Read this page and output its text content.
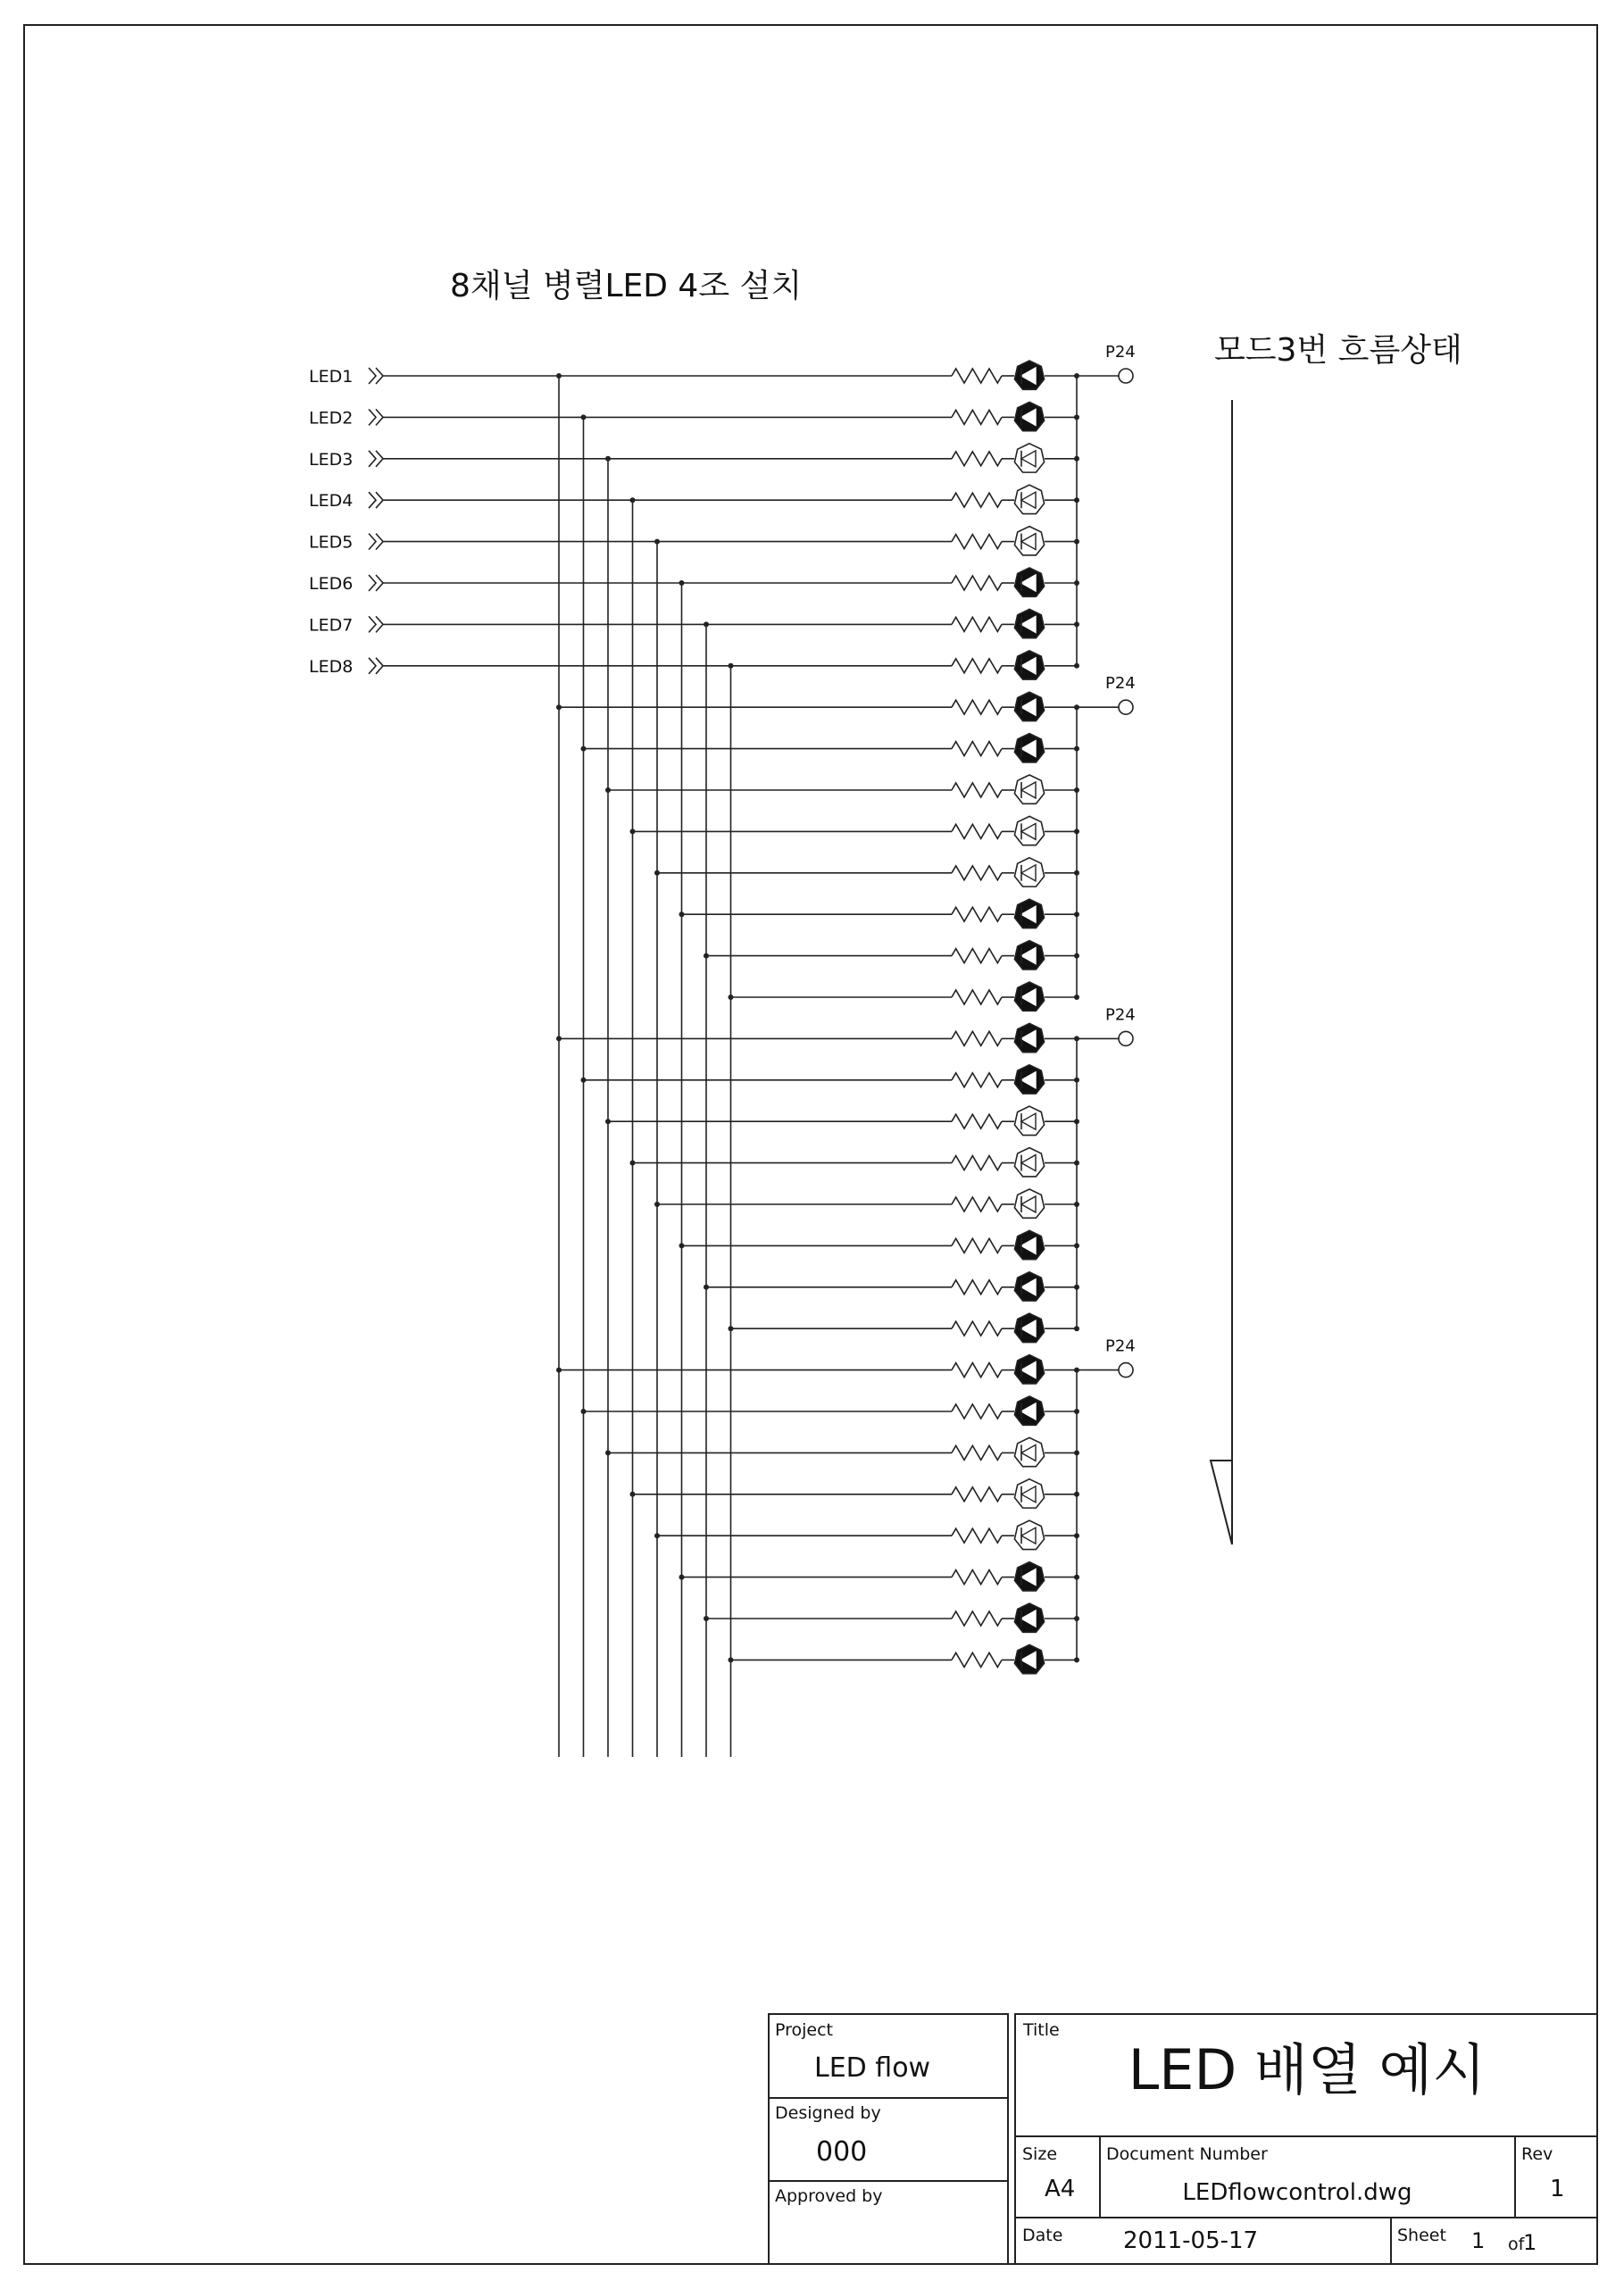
8채널 병렬LED 4조 설치
모드3번 흐름상태
LED1
LED2
LED3
LED4
LED5
LED6
LED7
LED8
P24
P24
P24
P24
Project
LED flow
Designed by
000
Approved by
Title
LED 배열 예시
Size
A4
Document Number
LEDflowcontrol.dwg
Rev
1
Date	2011-05-17	Sheet 1 of
1
